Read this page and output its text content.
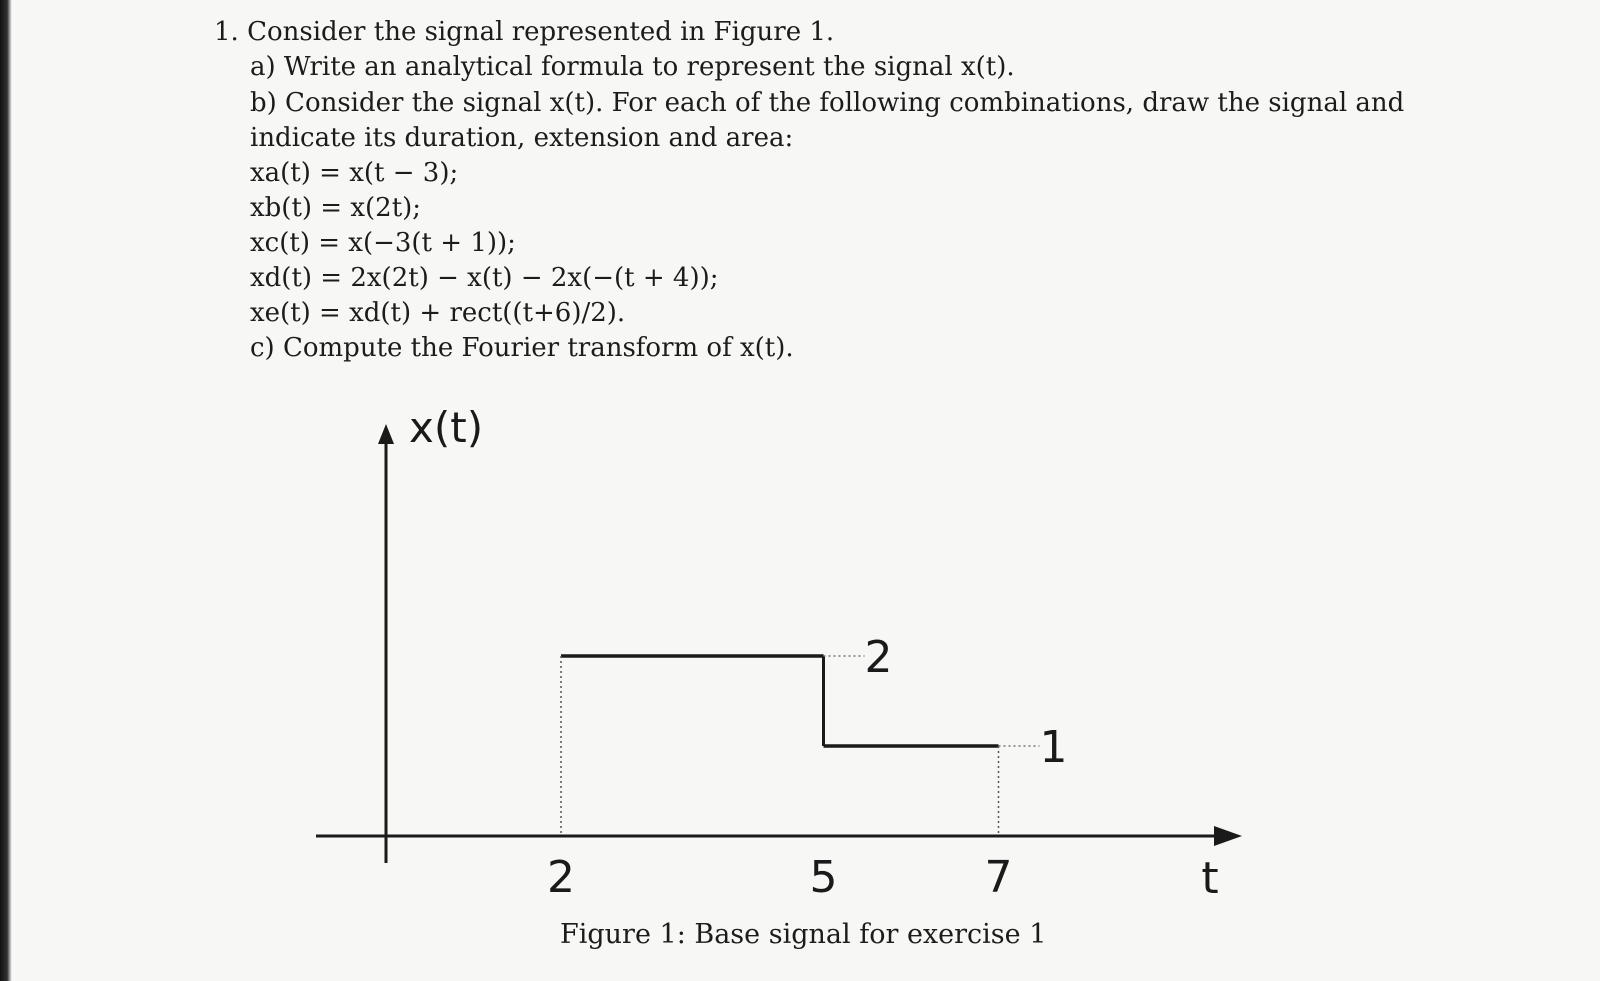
1. Consider the signal represented in Figure 1.
a) Write an analytical formula to represent the signal x(t).
b) Consider the signal x(t). For each of the following combinations, draw the signal and
indicate its duration, extension and area:
xa(t) = x(t − 3);
xb(t) = x(2t);
xc(t) = x(−3(t + 1));
xd(t) = 2x(2t) − x(t) − 2x(−(t + 4));
xe(t) = xd(t) + rect((t+6)/2).
c) Compute the Fourier transform of x(t).
x(t)
t
2
1
2	5	7
Figure 1: Base signal for exercise 1
